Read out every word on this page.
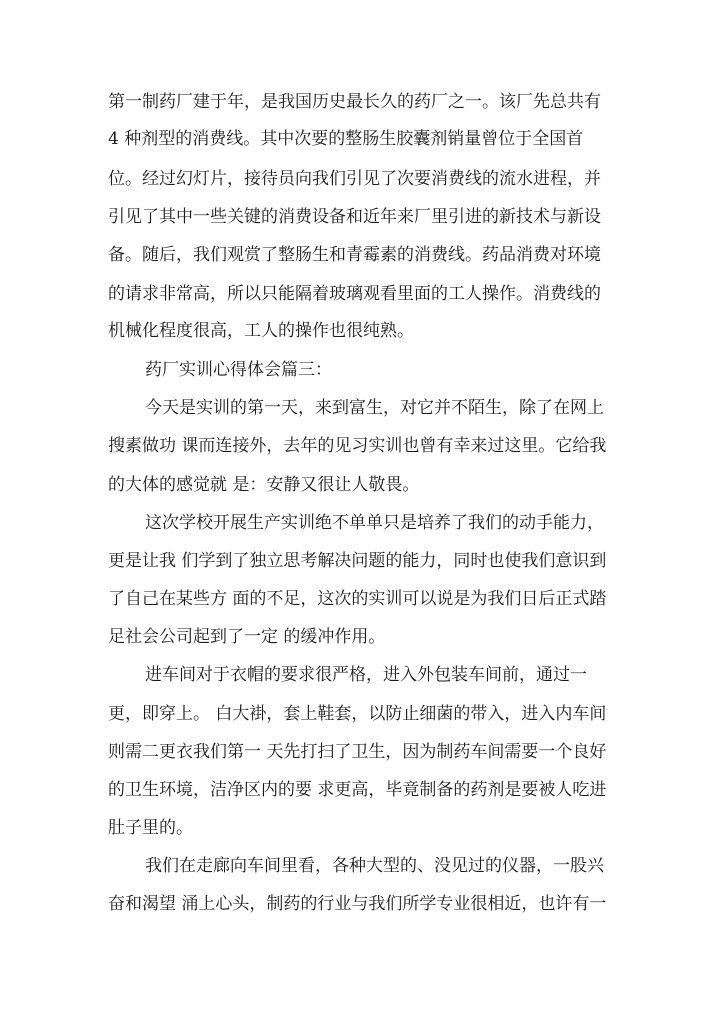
第一制药厂建于年，是我国历史最长久的药厂之一。该厂先总共有

4 种剂型的消费线。其中次要的整肠生胶囊剂销量曾位于全国首

位。经过幻灯片，接待员向我们引见了次要消费线的流水进程，并

引见了其中一些关键的消费设备和近年来厂里引进的新技术与新设

备。随后，我们观赏了整肠生和青霉素的消费线。药品消费对环境

的请求非常高，所以只能隔着玻璃观看里面的工人操作。消费线的

机械化程度很高，工人的操作也很纯熟。

药厂实训心得体会篇三：

今天是实训的第一天，来到富生，对它并不陌生，除了在网上

搜素做功 课而连接外，去年的见习实训也曾有幸来过这里。它给我

的大体的感觉就 是：安静又很让人敬畏。

这次学校开展生产实训绝不单单只是培养了我们的动手能力，

更是让我 们学到了独立思考解决问题的能力，同时也使我们意识到

了自己在某些方 面的不足，这次的实训可以说是为我们日后正式踏

足社会公司起到了一定 的缓冲作用。

进车间对于衣帽的要求很严格，进入外包装车间前，通过一

更，即穿上。 白大褂，套上鞋套，以防止细菌的带入，进入内车间

则需二更衣我们第一 天先打扫了卫生，因为制药车间需要一个良好

的卫生环境，洁净区内的要 求更高，毕竟制备的药剂是要被人吃进

肚子里的。

我们在走廊向车间里看，各种大型的、没见过的仪器，一股兴

奋和渴望 涌上心头，制药的行业与我们所学专业很相近，也许有一
